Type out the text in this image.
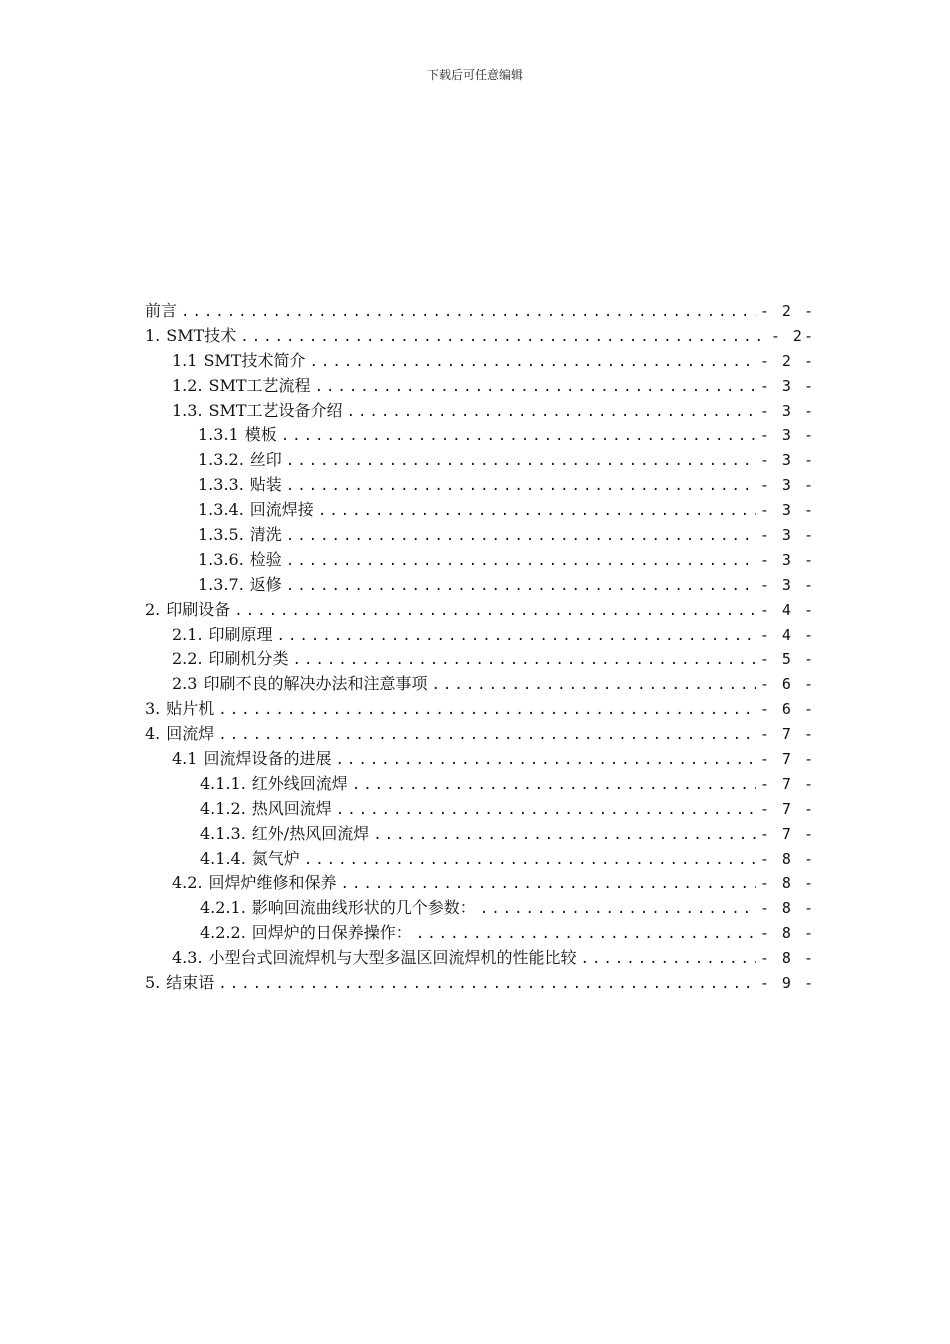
下载后可任意编辑
前言 .....	- 2 -
1. SMT技术 .....	- 2-
1.1 SMT技术简介 .....	- 2 -
1.2. SMT工艺流程 .....	- 3 -
1.3. SMT工艺设备介绍 .....	- 3 -
1.3.1 模板 .....	- 3 -
1.3.2. 丝印 .....	- 3 -
1.3.3. 贴装 .....	- 3 -
1.3.4. 回流焊接 .....	- 3 -
1.3.5. 清洗 .....	- 3 -
1.3.6. 检验 .....	- 3 -
1.3.7. 返修 .....	- 3 -
2. 印刷设备 .....	- 4 -
2.1. 印刷原理 .....	- 4 -
2.2. 印刷机分类 .....	- 5 -
2.3 印刷不良的解决办法和注意事项 .....	- 6 -
3. 贴片机 .....	- 6 -
4. 回流焊 .....	- 7 -
4.1 回流焊设备的进展 .....	- 7 -
4.1.1. 红外线回流焊 .....	- 7 -
4.1.2. 热风回流焊 .....	- 7 -
4.1.3. 红外/热风回流焊 .....	- 7 -
4.1.4. 氮气炉 .....	- 8 -
4.2. 回焊炉维修和保养 .....	- 8 -
4.2.1. 影响回流曲线形状的几个参数： .....	- 8 -
4.2.2. 回焊炉的日保养操作： .....	- 8 -
4.3. 小型台式回流焊机与大型多温区回流焊机的性能比较 .....	- 8 -
5. 结束语 .....	- 9 -
